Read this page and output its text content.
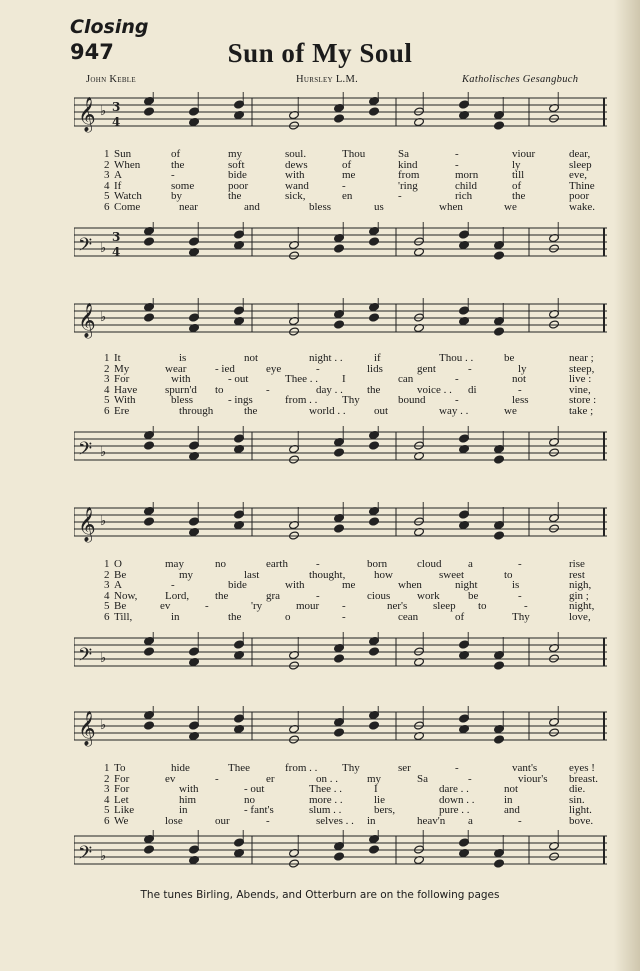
Closing
947	Sun of My Soul
John Keble	Hursley L.M.	Katholisches Gesangbuch
𝄞 ♭ 3
4
1 Sun	of	my	soul.	Thou	Sa	-	viour	dear,
2 When	the	soft	dews	of	kind	-	ly	sleep
3 A	-	bide	with	me	from	morn	till	eve,
4 If	some	poor	wand	-	'ring	child	of	Thine
5 Watch	by	the	sick,	en	-	rich	the	poor
6 Come	near	and	bless	us	when	we	wake.
𝄢 ♭
3
4
𝄞 ♭
1 It	is	not	night . .	if	Thou . .	be	near ;
2 My	wear	- ied	eye	-	lids	gent	-	ly	steep,
3 For	with	- out	Thee . . I	can	-	not	live :
4 Have	spurn'd to	-	day . . the	voice . . di	-	vine,
5 With	bless	- ings	from . . Thy	bound	-	less	store :
6 Ere	through	the	world . .	out	way . .	we	take ;
𝄢 ♭
𝄞 ♭
1 O	may	no	earth	-	born	cloud a	-	rise
2 Be	my	last	thought,	how	sweet	to	rest
3 A	-	bide	with	me	when	night	is	nigh,
4 Now,	Lord, the	gra	-	cious work	be	-	gin ;
5 Be	ev	-	'ry	mour -	ner's sleep to	-	night,
6 Till,	in	the	o	-	cean	of	Thy	love,
𝄢 ♭
𝄞 ♭
1 To	hide	Thee	from . . Thy	ser	-	vant's	eyes !
2 For	ev	-	er	on . .	my	Sa	-	viour's breast.
3 For	with	- out	Thee . .	I	dare . .	not	die.
4 Let	him	no	more . .	lie	down . .	in	sin.
5 Like	in	- fant's	slum . .	bers,	pure . .	and	light.
6 We	lose	our	-	selves . . in	heav'n a	-	bove.
𝄢 ♭
The tunes Birling, Abends, and Otterburn are on the following pages
